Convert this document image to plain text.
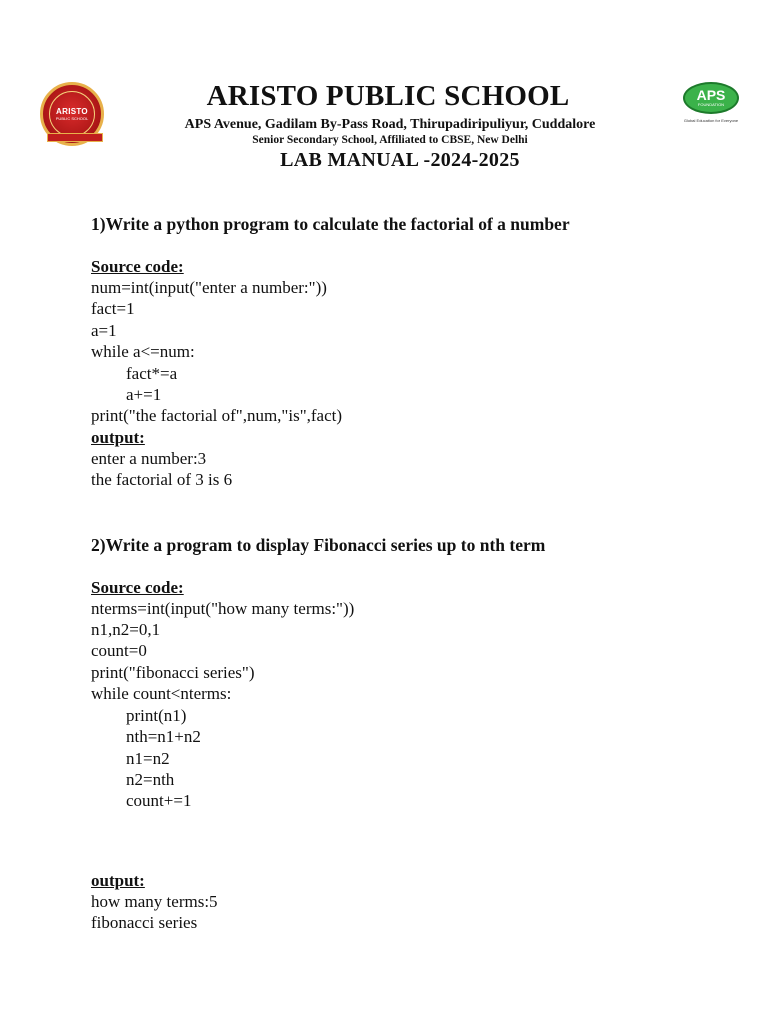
ARISTO
PUBLIC SCHOOL
ARISTO PUBLIC SCHOOL
APS Avenue, Gadilam By-Pass Road, Thirupadiripuliyur, Cuddalore
Senior Secondary School, Affiliated to CBSE, New Delhi
LAB MANUAL -2024-2025
APS
FOUNDATION
Global Education for Everyone

1)Write a python program to calculate the factorial of a number

Source code:

num=int(input("enter a number:"))

fact=1

a=1

while a<=num:

fact*=a

a+=1

print("the factorial of",num,"is",fact)

output:

enter a number:3

the factorial of 3 is 6

2)Write a program to display Fibonacci series up to nth term

Source code:

nterms=int(input("how many terms:"))

n1,n2=0,1

count=0

print("fibonacci series")

while count<nterms:

print(n1)

nth=n1+n2

n1=n2

n2=nth

count+=1

output:

how many terms:5

fibonacci series
